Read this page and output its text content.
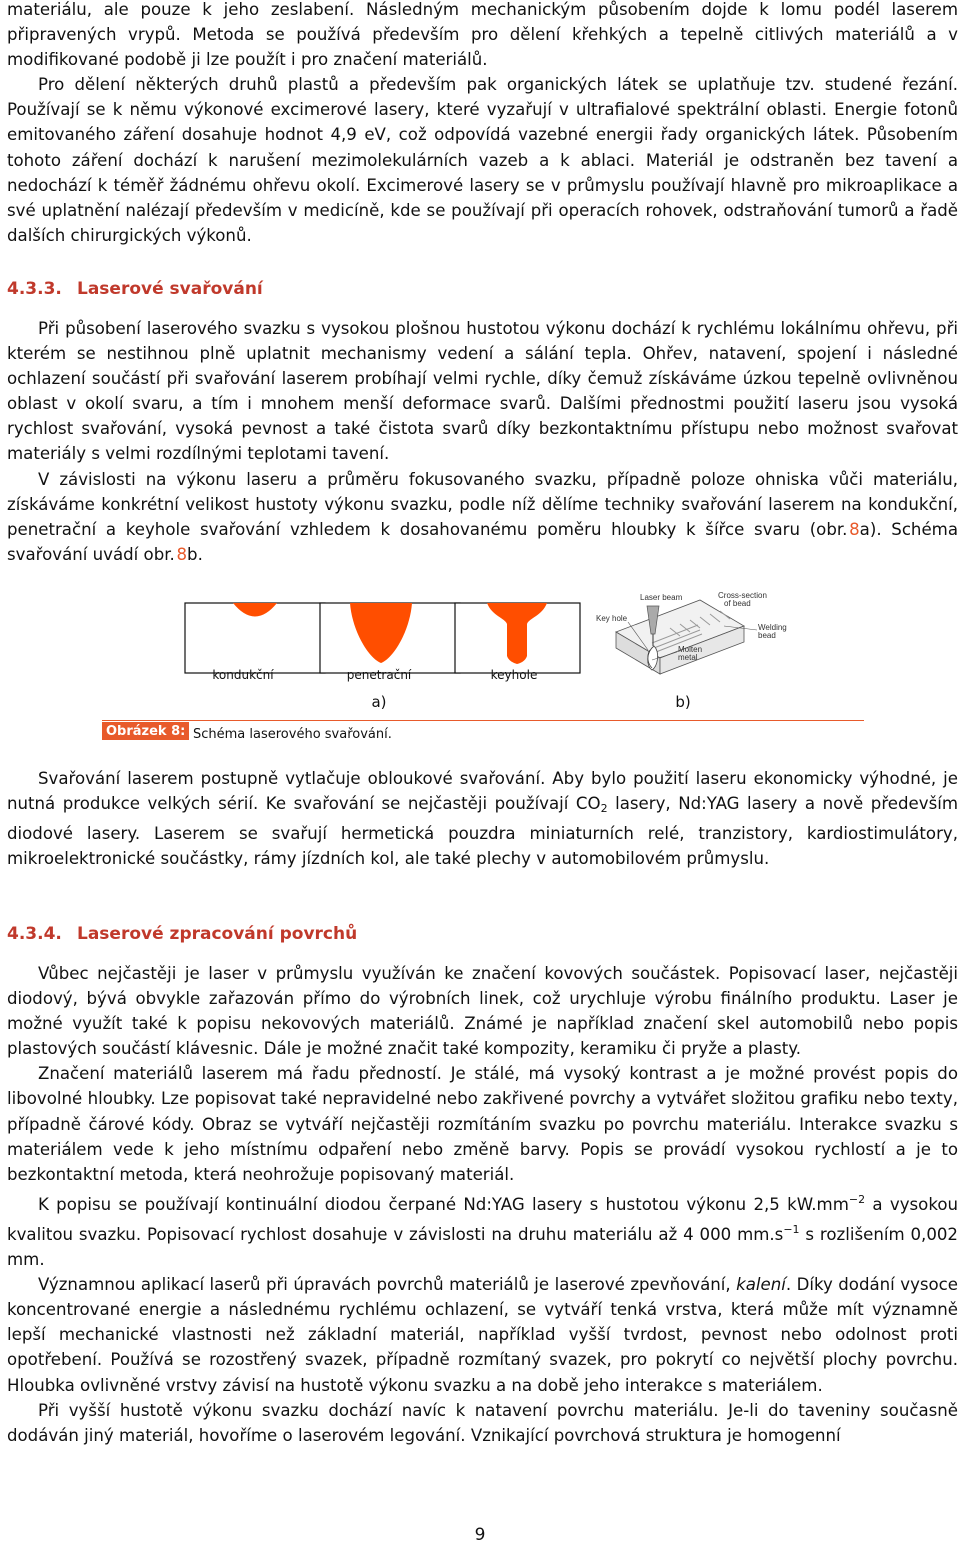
materiálu, ale pouze k jeho zeslabení. Následným mechanickým působením dojde k lomu podél laserem připravených vrypů. Metoda se používá především pro dělení křehkých a tepelně citlivých materiálů a v modifikované podobě ji lze použít i pro značení materiálů.

Pro dělení některých druhů plastů a především pak organických látek se uplatňuje tzv. studené řezání. Používají se k němu výkonové excimerové lasery, které vyzařují v ultrafialové spektrální oblasti. Energie fotonů emitovaného záření dosahuje hodnot 4,9 eV, což odpovídá vazebné energii řady organických látek. Působením tohoto záření dochází k narušení mezimolekulárních vazeb a k ablaci. Materiál je odstraněn bez tavení a nedochází k téměř žádnému ohřevu okolí. Excimerové lasery se v průmyslu používají hlavně pro mikroaplikace a své uplatnění nalézají především v medicíně, kde se používají při operacích rohovek, odstraňování tumorů a řadě dalších chirurgických výkonů.

4.3.3. Laserové svařování

Při působení laserového svazku s vysokou plošnou hustotou výkonu dochází k rychlému lokálnímu ohřevu, při kterém se nestihnou plně uplatnit mechanismy vedení a sálání tepla. Ohřev, natavení, spojení i následné ochlazení součástí při svařování laserem probíhají velmi rychle, díky čemuž získáváme úzkou tepelně ovlivněnou oblast v okolí svaru, a tím i mnohem menší deformace svarů. Dalšími přednostmi použití laseru jsou vysoká rychlost svařování, vysoká pevnost a také čistota svarů díky bezkontaktnímu přístupu nebo možnost svařovat materiály s velmi rozdílnými teplotami tavení.

V závislosti na výkonu laseru a průměru fokusovaného svazku, případně poloze ohniska vůči materiálu, získáváme konkrétní velikost hustoty výkonu svazku, podle níž dělíme techniky svařování laserem na kondukční, penetrační a keyhole svařování vzhledem k dosahovanému poměru hloubky k šířce svaru (obr. 8a). Schéma svařování uvádí obr. 8b.

kondukční	penetrační	keyhole
a)
Laser beam	Cross-section
of bead
Key hole
Welding
bead
Molten
metal
b)
Obrázek 8: Schéma laserového svařování.

Svařování laserem postupně vytlačuje obloukové svařování. Aby bylo použití laseru ekonomicky výhodné, je nutná produkce velkých sérií. Ke svařování se nejčastěji používají $CO_2$ lasery, Nd:YAG lasery a nově především diodové lasery. Laserem se svařují hermetická pouzdra miniaturních relé, tranzistory, kardiostimulátory, mikroelektronické součástky, rámy jízdních kol, ale také plechy v automobilovém průmyslu.

4.3.4. Laserové zpracování povrchů

Vůbec nejčastěji je laser v průmyslu využíván ke značení kovových součástek. Popisovací laser, nejčastěji diodový, bývá obvykle zařazován přímo do výrobních linek, což urychluje výrobu finálního produktu. Laser je možné využít také k popisu nekovových materiálů. Známé je například značení skel automobilů nebo popis plastových součástí klávesnic. Dále je možné značit také kompozity, keramiku či pryže a plasty.

Značení materiálů laserem má řadu předností. Je stálé, má vysoký kontrast a je možné provést popis do libovolné hloubky. Lze popisovat také nepravidelné nebo zakřivené povrchy a vytvářet složitou grafiku nebo texty, případně čárové kódy. Obraz se vytváří nejčastěji rozmítáním svazku po povrchu materiálu. Interakce svazku s materiálem vede k jeho místnímu odpaření nebo změně barvy. Popis se provádí vysokou rychlostí a je to bezkontaktní metoda, která neohrožuje popisovaný materiál.

K popisu se používají kontinuální diodou čerpané Nd:YAG lasery s hustotou výkonu 2,5 $kW.mm^{-2}$ a vysokou kvalitou svazku. Popisovací rychlost dosahuje v závislosti na druhu materiálu až 4 000 $mm.s^{-1}$ s rozlišením 0,002 mm.

Významnou aplikací laserů při úpravách povrchů materiálů je laserové zpevňování, kalení. Díky dodání vysoce koncentrované energie a následnému rychlému ochlazení, se vytváří tenká vrstva, která může mít významně lepší mechanické vlastnosti než základní materiál, například vyšší tvrdost, pevnost nebo odolnost proti opotřebení. Používá se rozostřený svazek, případně rozmítaný svazek, pro pokrytí co největší plochy povrchu. Hloubka ovlivněné vrstvy závisí na hustotě výkonu svazku a na době jeho interakce s materiálem.

Při vyšší hustotě výkonu svazku dochází navíc k natavení povrchu materiálu. Je-li do taveniny současně dodáván jiný materiál, hovoříme o laserovém legování. Vznikající povrchová struktura je homogenní

9
